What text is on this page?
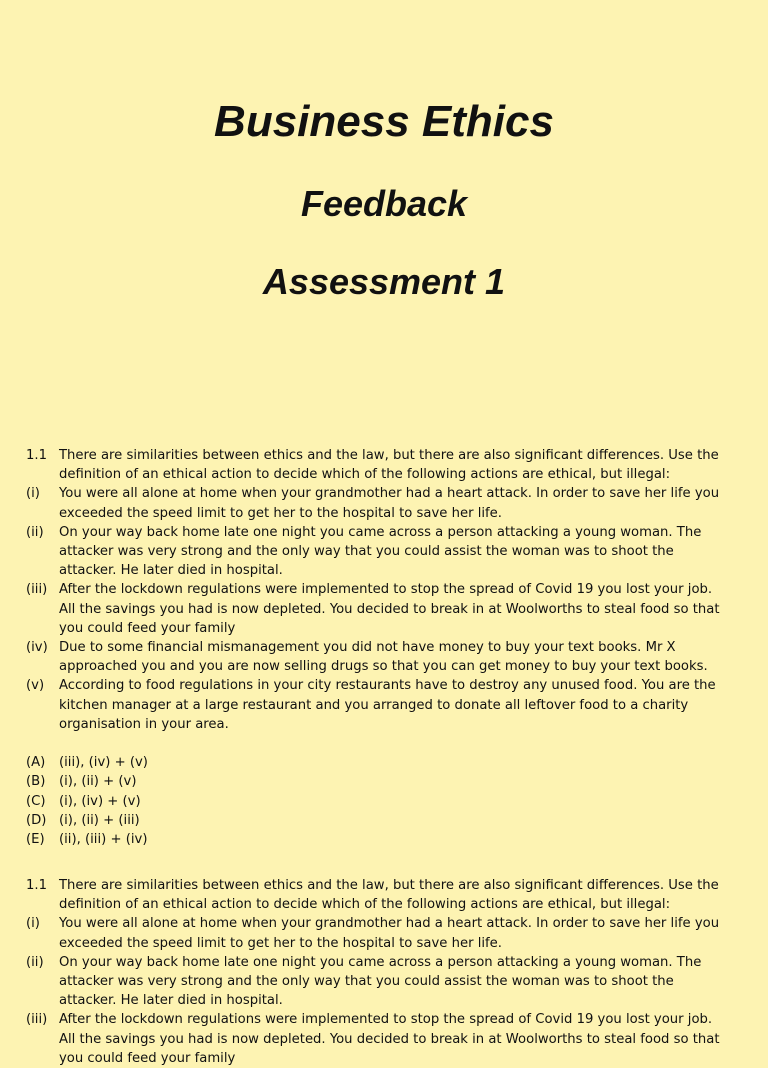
Business Ethics
Feedback
Assessment 1
1.1 There are similarities between ethics and the law, but there are also significant differences. Use the definition of an ethical action to decide which of the following actions are ethical, but illegal:
(i)	You were all alone at home when your grandmother had a heart attack. In order to save her life you exceeded the speed limit to get her to the hospital to save her life.
(ii)	On your way back home late one night you came across a person attacking a young woman. The attacker was very strong and the only way that you could assist the woman was to shoot the attacker. He later died in hospital.
(iii) After the lockdown regulations were implemented to stop the spread of Covid 19 you lost your job. All the savings you had is now depleted. You decided to break in at Woolworths to steal food so that you could feed your family
(iv) Due to some financial mismanagement you did not have money to buy your text books. Mr X approached you and you are now selling drugs so that you can get money to buy your text books.
(v)	According to food regulations in your city restaurants have to destroy any unused food. You are the kitchen manager at a large restaurant and you arranged to donate all leftover food to a charity organisation in your area.
(A)	(iii), (iv) + (v)
(B)	(i), (ii) + (v)
(C)	(i), (iv) + (v)
(D) (i), (ii) + (iii)
(E)	(ii), (iii) + (iv)
1.1 There are similarities between ethics and the law, but there are also significant differences. Use the definition of an ethical action to decide which of the following actions are ethical, but illegal:
(i)	You were all alone at home when your grandmother had a heart attack. In order to save her life you exceeded the speed limit to get her to the hospital to save her life.
(ii)	On your way back home late one night you came across a person attacking a young woman. The attacker was very strong and the only way that you could assist the woman was to shoot the attacker. He later died in hospital.
(iii) After the lockdown regulations were implemented to stop the spread of Covid 19 you lost your job. All the savings you had is now depleted. You decided to break in at Woolworths to steal food so that you could feed your family
